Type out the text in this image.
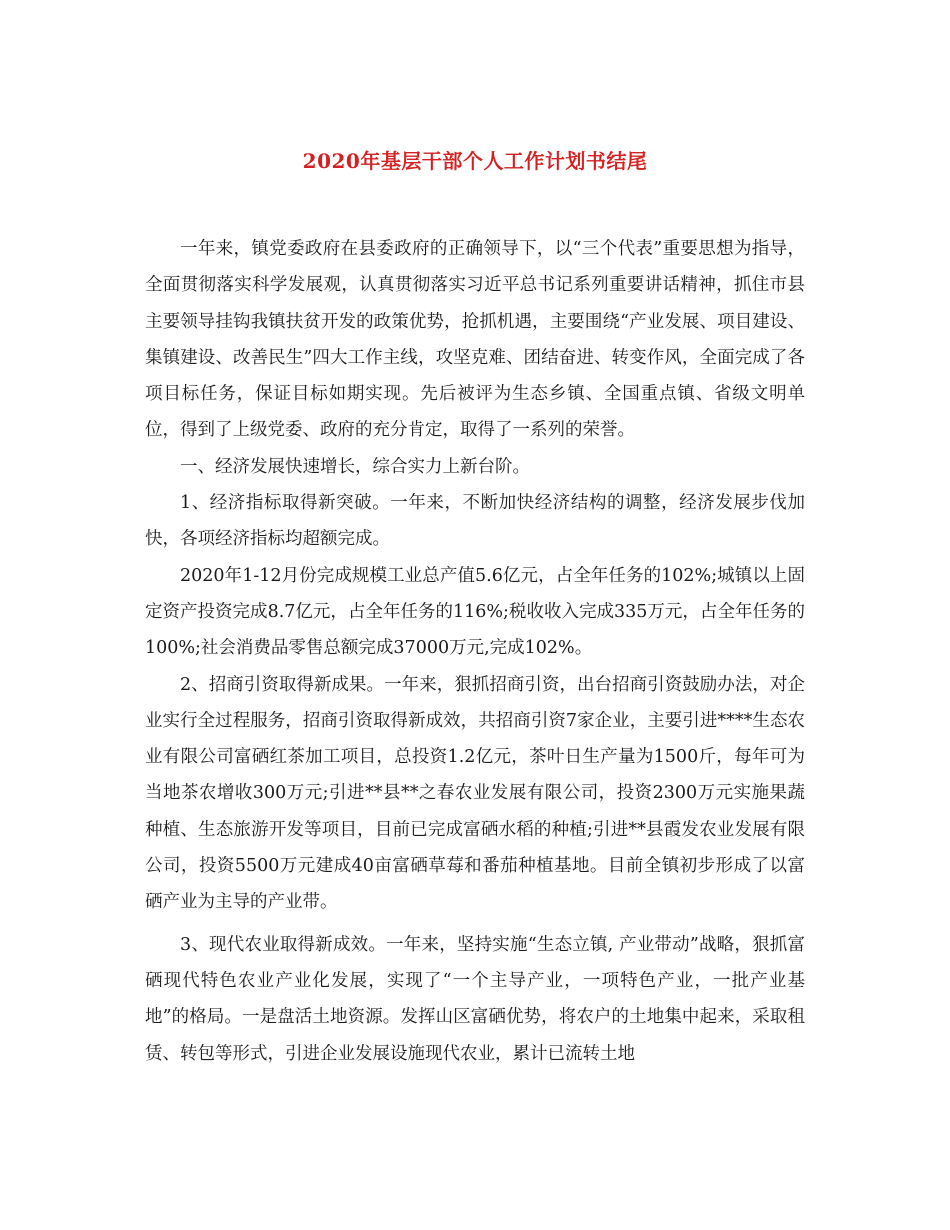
2020年基层干部个人工作计划书结尾

一年来，镇党委政府在县委政府的正确领导下，以“三个代表”重要思想为指导，全面贯彻落实科学发展观，认真贯彻落实习近平总书记系列重要讲话精神，抓住市县主要领导挂钩我镇扶贫开发的政策优势，抢抓机遇，主要围绕“产业发展、项目建设、集镇建设、改善民生”四大工作主线，攻坚克难、团结奋进、转变作风，全面完成了各项目标任务，保证目标如期实现。先后被评为生态乡镇、全国重点镇、省级文明单位，得到了上级党委、政府的充分肯定，取得了一系列的荣誉。

一、经济发展快速增长，综合实力上新台阶。

1、经济指标取得新突破。一年来，不断加快经济结构的调整，经济发展步伐加快，各项经济指标均超额完成。

2020年1-12月份完成规模工业总产值5.6亿元，占全年任务的102%;城镇以上固定资产投资完成8.7亿元，占全年任务的116%;税收收入完成335万元，占全年任务的100%;社会消费品零售总额完成37000万元,完成102%。

2、招商引资取得新成果。一年来，狠抓招商引资，出台招商引资鼓励办法，对企业实行全过程服务，招商引资取得新成效，共招商引资7家企业，主要引进****生态农业有限公司富硒红茶加工项目，总投资1.2亿元，茶叶日生产量为1500斤，每年可为当地茶农增收300万元;引进**县**之春农业发展有限公司，投资2300万元实施果蔬种植、生态旅游开发等项目，目前已完成富硒水稻的种植;引进**县霞发农业发展有限公司，投资5500万元建成40亩富硒草莓和番茄种植基地。目前全镇初步形成了以富硒产业为主导的产业带。

3、现代农业取得新成效。一年来，坚持实施“生态立镇, 产业带动”战略，狠抓富硒现代特色农业产业化发展，实现了“一个主导产业，一项特色产业，一批产业基地”的格局。一是盘活土地资源。发挥山区富硒优势，将农户的土地集中起来，采取租赁、转包等形式，引进企业发展设施现代农业，累计已流转土地
